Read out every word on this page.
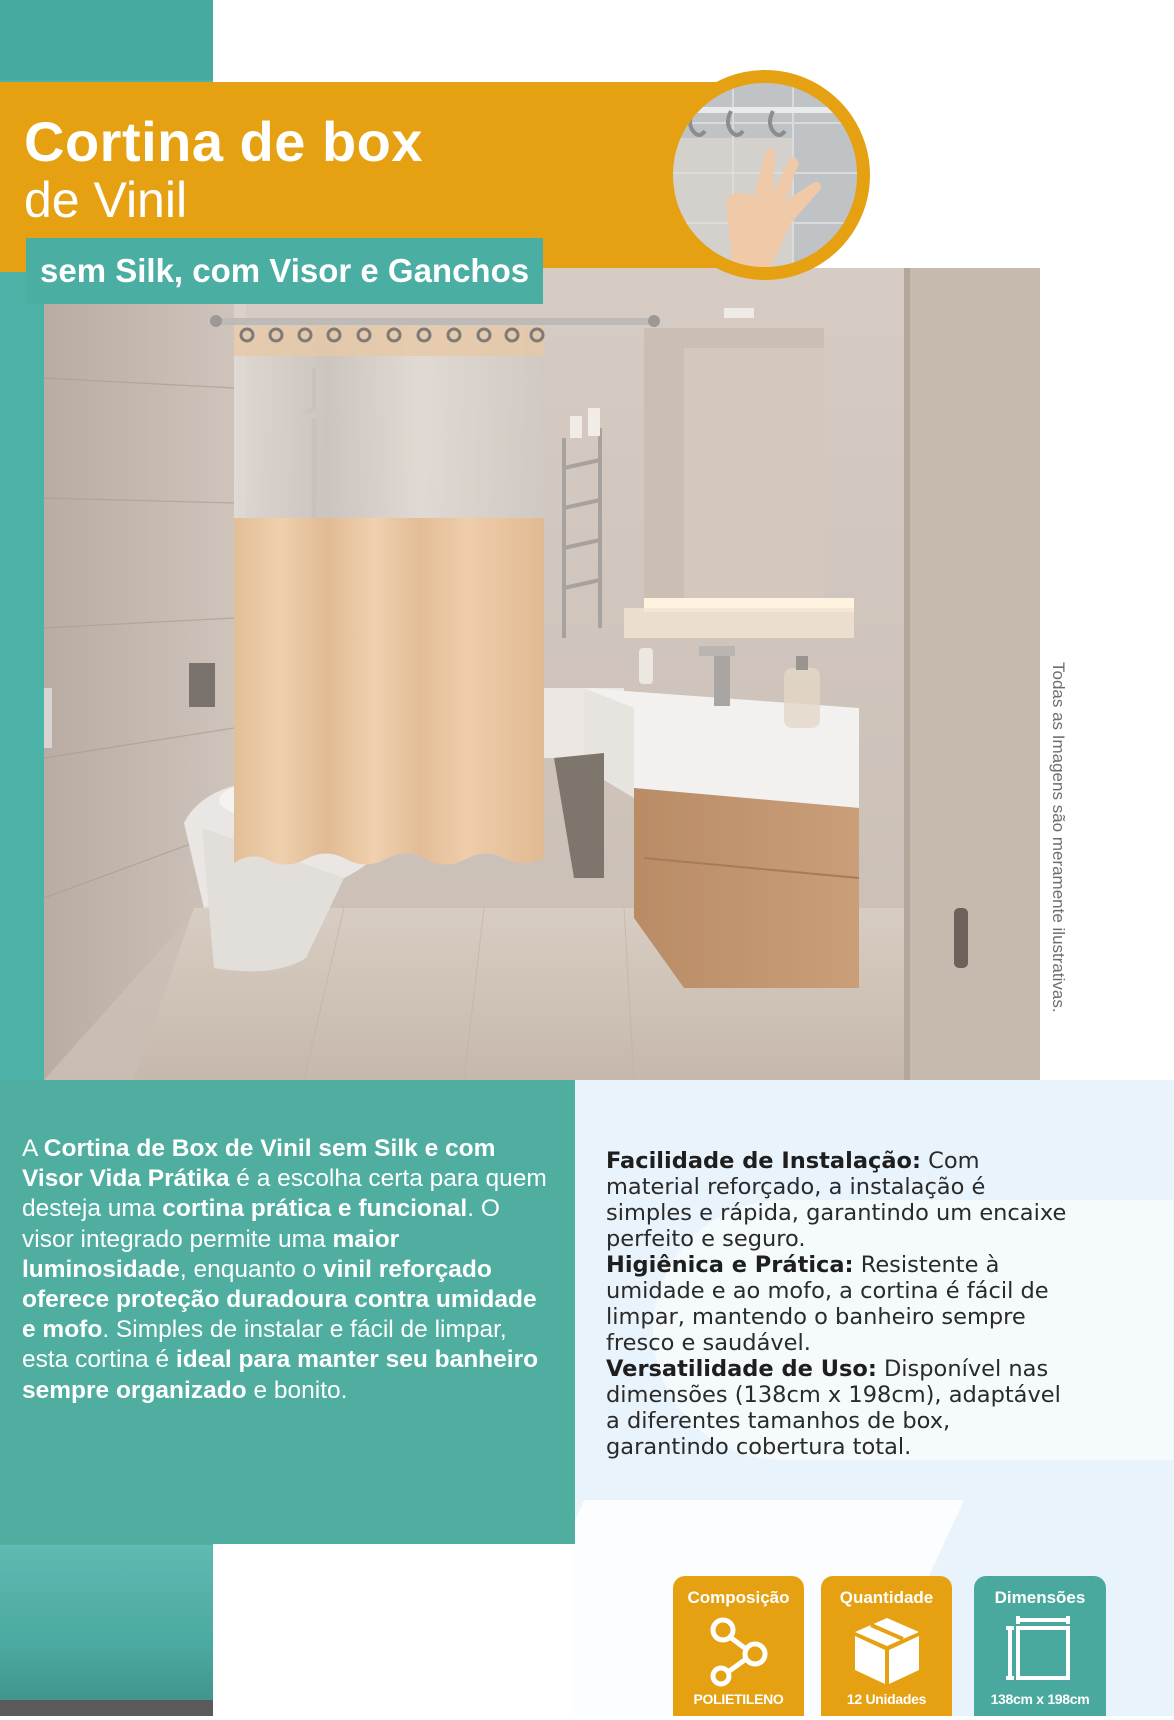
Cortina de box
de Vinil
sem Silk, com Visor e Ganchos
Todas as Imagens são meramente ilustrativas.
A Cortina de Box de Vinil sem Silk e com Visor Vida Prátika é a escolha certa para quem desteja uma cortina prática e funcional. O visor integrado permite uma maior luminosidade, enquanto o vinil reforçado oferece proteção duradoura contra umidade e mofo. Simples de instalar e fácil de limpar, esta cortina é ideal para manter seu banheiro sempre organizado e bonito.

Facilidade de Instalação: Com material reforçado, a instalação é simples e rápida, garantindo um encaixe perfeito e seguro.

Higiênica e Prática: Resistente à umidade e ao mofo, a cortina é fácil de limpar, mantendo o banheiro sempre fresco e saudável.

Versatilidade de Uso: Disponível nas dimensões (138cm x 198cm), adaptável a diferentes tamanhos de box, garantindo cobertura total.

Composição
POLIETILENO
Quantidade
12 Unidades
Dimensões
138cm x 198cm
